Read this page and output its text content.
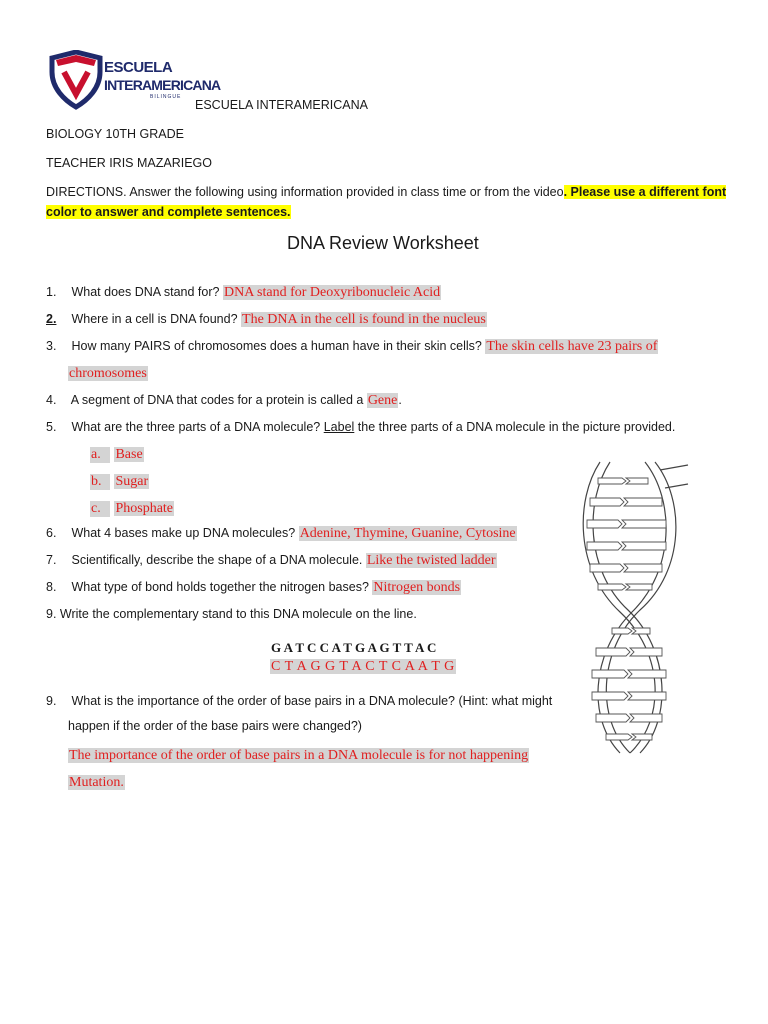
ESCUELA
INTERAMERICANA
BILINGUE
ESCUELA INTERAMERICANA
BIOLOGY 10TH GRADE
TEACHER IRIS MAZARIEGO
DIRECTIONS. Answer the following using information provided in class time or from the video. Please use a different font
color to answer and complete sentences.
DNA Review Worksheet
1. What does DNA stand for? DNA stand for Deoxyribonucleic Acid
2. Where in a cell is DNA found? The DNA in the cell is found in the nucleus
3. How many PAIRS of chromosomes does a human have in their skin cells? The skin cells have 23 pairs of
chromosomes
4. A segment of DNA that codes for a protein is called a Gene.
5. What are the three parts of a DNA molecule? Label the three parts of a DNA molecule in the picture provided.
a. Base
b. Sugar
c. Phosphate
6. What 4 bases make up DNA molecules? Adenine, Thymine, Guanine, Cytosine
7. Scientifically, describe the shape of a DNA molecule. Like the twisted ladder
8. What type of bond holds together the nitrogen bases? Nitrogen bonds
9. Write the complementary stand to this DNA molecule on the line.
G A T C C A T G A G T T A C
C T A G G T A C T C A A T G
9. What is the importance of the order of base pairs in a DNA molecule? (Hint: what might
happen if the order of the base pairs were changed?)
The importance of the order of base pairs in a DNA molecule is for not happening
Mutation.
